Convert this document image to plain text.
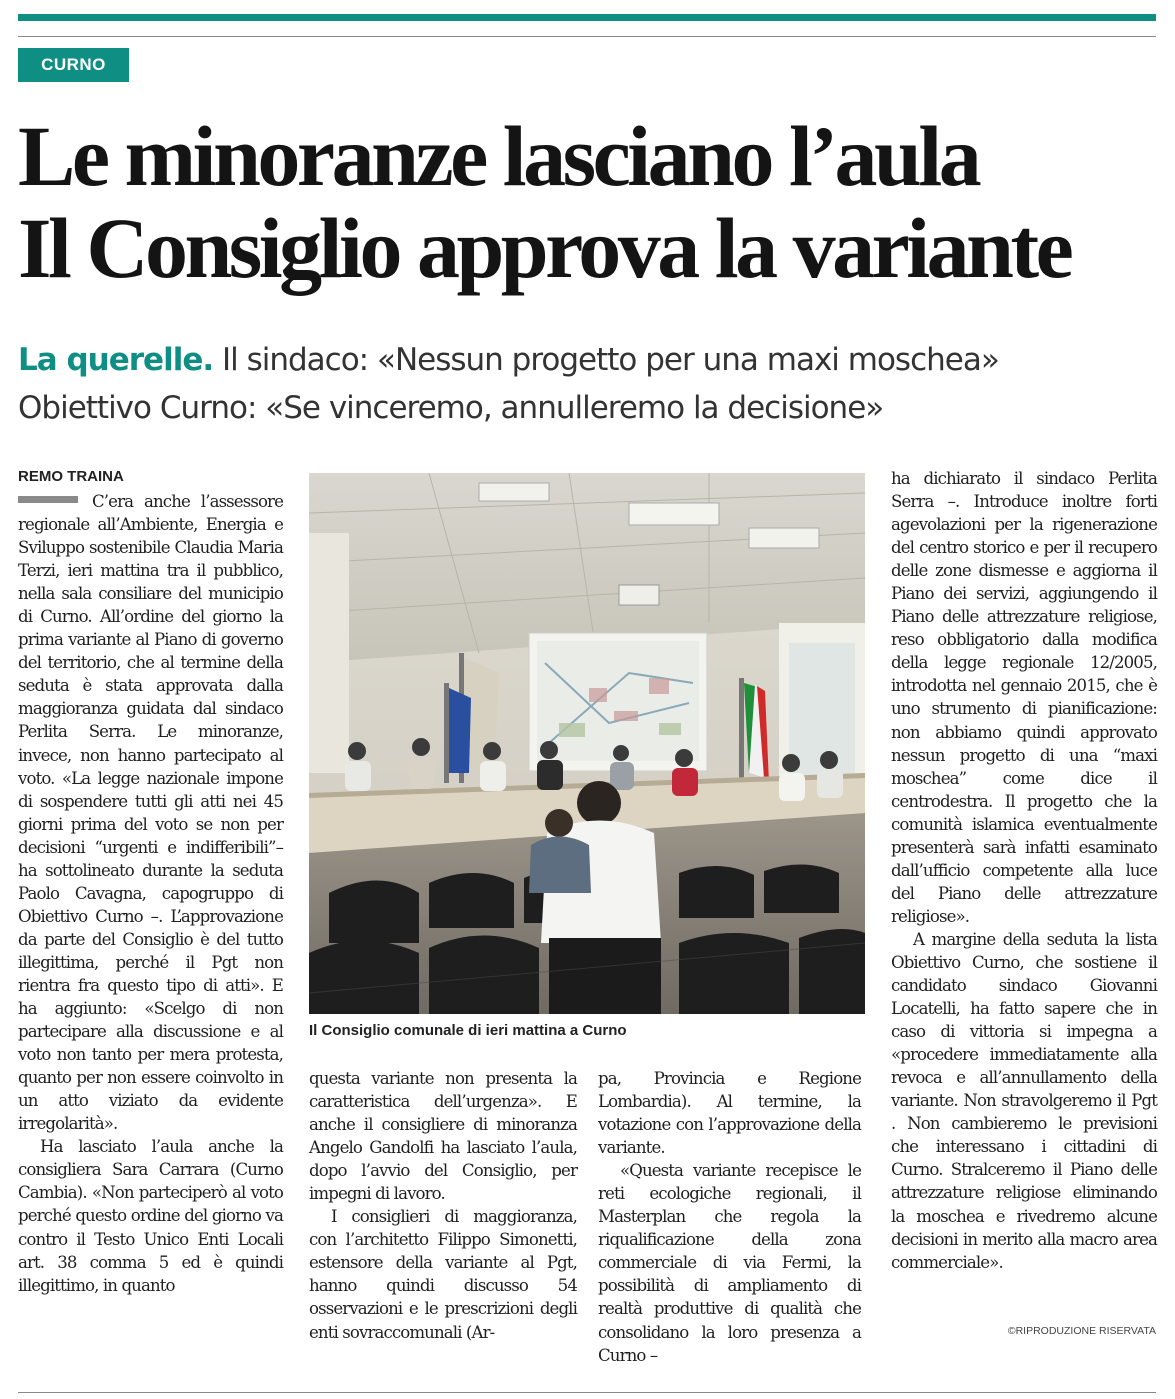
CURNO
Le minoranze lasciano l’aula
Il Consiglio approva la variante
La querelle. Il sindaco: «Nessun progetto per una maxi moschea»
Obiettivo Curno: «Se vinceremo, annulleremo la decisione»
REMO TRAINA

C’era anche l’assessore regionale all’Ambiente, Energia e Sviluppo sostenibile Claudia Maria Terzi, ieri mattina tra il pubblico, nella sala consiliare del municipio di Curno. All’ordine del giorno la prima variante al Piano di governo del territorio, che al termine della seduta è stata approvata dalla maggioranza guidata dal sindaco Perlita Serra. Le minoranze, invece, non hanno partecipato al voto. «La legge nazionale impone di sospendere tutti gli atti nei 45 giorni prima del voto se non per decisioni “urgenti e indifferibili”– ha sottolineato durante la seduta Paolo Cavagna, capogruppo di Obiettivo Curno –. L’approvazione da parte del Consiglio è del tutto illegittima, perché il Pgt non rientra fra questo tipo di atti». E ha aggiunto: «Scelgo di non partecipare alla discussione e al voto non tanto per mera protesta, quanto per non essere coinvolto in un atto viziato da evidente irregolarità».

Ha lasciato l’aula anche la consigliera Sara Carrara (Curno Cambia). «Non parteciperò al voto perché questo ordine del giorno va contro il Testo Unico Enti Locali art. 38 comma 5 ed è quindi illegittimo, in quanto

Il Consiglio comunale di ieri mattina a Curno

questa variante non presenta la caratteristica dell’urgenza». E anche il consigliere di minoranza Angelo Gandolfi ha lasciato l’aula, dopo l’avvio del Consiglio, per impegni di lavoro.

I consiglieri di maggioranza, con l’architetto Filippo Simonetti, estensore della variante al Pgt, hanno quindi discusso 54 osservazioni e le prescrizioni degli enti sovraccomunali (Ar-

pa, Provincia e Regione Lombardia). Al termine, la votazione con l’approvazione della variante.

«Questa variante recepisce le reti ecologiche regionali, il Masterplan che regola la riqualificazione della zona commerciale di via Fermi, la possibilità di ampliamento di realtà produttive di qualità che consolidano la loro presenza a Curno –

ha dichiarato il sindaco Perlita Serra –. Introduce inoltre forti agevolazioni per la rigenerazione del centro storico e per il recupero delle zone dismesse e aggiorna il Piano dei servizi, aggiungendo il Piano delle attrezzature religiose, reso obbligatorio dalla modifica della legge regionale 12/2005, introdotta nel gennaio 2015, che è uno strumento di pianificazione: non abbiamo quindi approvato nessun progetto di una “maxi moschea” come dice il centrodestra. Il progetto che la comunità islamica eventualmente presenterà sarà infatti esaminato dall’ufficio competente alla luce del Piano delle attrezzature religiose».

A margine della seduta la lista Obiettivo Curno, che sostiene il candidato sindaco Giovanni Locatelli, ha fatto sapere che in caso di vittoria si impegna a «procedere immediatamente alla revoca e all’annullamento della variante. Non stravolgeremo il Pgt . Non cambieremo le previsioni che interessano i cittadini di Curno. Stralceremo il Piano delle attrezzature religiose eliminando la moschea e rivedremo alcune decisioni in merito alla macro area commerciale».

©RIPRODUZIONE RISERVATA
